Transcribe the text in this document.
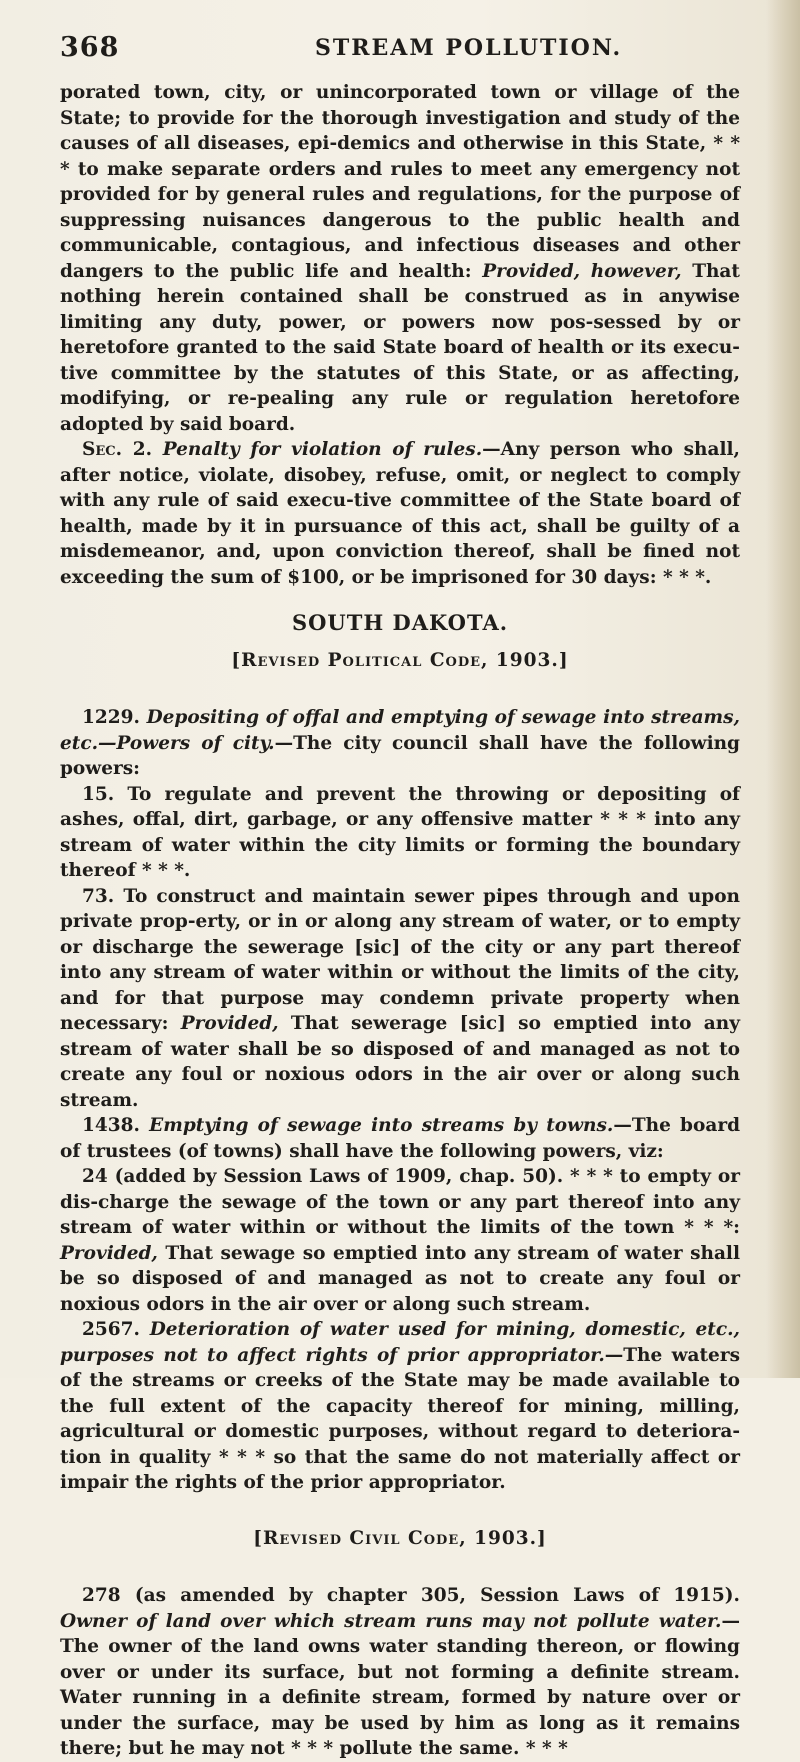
368	STREAM POLLUTION.

porated town, city, or unincorporated town or village of the State; to provide for the thorough investigation and study of the causes of all diseases, epi-demics and otherwise in this State, * * * to make separate orders and rules to meet any emergency not provided for by general rules and regulations, for the purpose of suppressing nuisances dangerous to the public health and communicable, contagious, and infectious diseases and other dangers to the public life and health: Provided, however, That nothing herein contained shall be construed as in anywise limiting any duty, power, or powers now pos-sessed by or heretofore granted to the said State board of health or its execu-tive committee by the statutes of this State, or as affecting, modifying, or re-pealing any rule or regulation heretofore adopted by said board.

Sec. 2. Penalty for violation of rules.—Any person who shall, after notice, violate, disobey, refuse, omit, or neglect to comply with any rule of said execu-tive committee of the State board of health, made by it in pursuance of this act, shall be guilty of a misdemeanor, and, upon conviction thereof, shall be fined not exceeding the sum of $100, or be imprisoned for 30 days: * * *.

SOUTH DAKOTA.
[Revised Political Code, 1903.]

1229. Depositing of offal and emptying of sewage into streams, etc.—Powers of city.—The city council shall have the following powers:

15. To regulate and prevent the throwing or depositing of ashes, offal, dirt, garbage, or any offensive matter * * * into any stream of water within the city limits or forming the boundary thereof * * *.

73. To construct and maintain sewer pipes through and upon private prop-erty, or in or along any stream of water, or to empty or discharge the sewerage [sic] of the city or any part thereof into any stream of water within or without the limits of the city, and for that purpose may condemn private property when necessary: Provided, That sewerage [sic] so emptied into any stream of water shall be so disposed of and managed as not to create any foul or noxious odors in the air over or along such stream.

1438. Emptying of sewage into streams by towns.—The board of trustees (of towns) shall have the following powers, viz:

24 (added by Session Laws of 1909, chap. 50). * * * to empty or dis-charge the sewage of the town or any part thereof into any stream of water within or without the limits of the town * * *: Provided, That sewage so emptied into any stream of water shall be so disposed of and managed as not to create any foul or noxious odors in the air over or along such stream.

2567. Deterioration of water used for mining, domestic, etc., purposes not to affect rights of prior appropriator.—The waters of the streams or creeks of the State may be made available to the full extent of the capacity thereof for mining, milling, agricultural or domestic purposes, without regard to deteriora-tion in quality * * * so that the same do not materially affect or impair the rights of the prior appropriator.

[Revised Civil Code, 1903.]

278 (as amended by chapter 305, Session Laws of 1915). Owner of land over which stream runs may not pollute water.—The owner of the land owns water standing thereon, or flowing over or under its surface, but not forming a definite stream. Water running in a definite stream, formed by nature over or under the surface, may be used by him as long as it remains there; but he may not * * * pollute the same. * * *
